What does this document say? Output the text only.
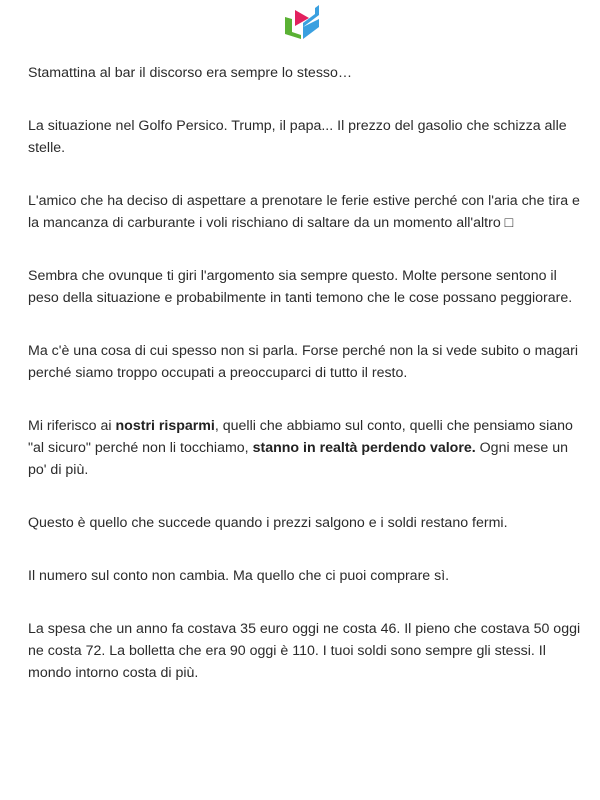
Stamattina al bar il discorso era sempre lo stesso…

La situazione nel Golfo Persico. Trump, il papa... Il prezzo del gasolio che schizza alle stelle.

L'amico che ha deciso di aspettare a prenotare le ferie estive perché con l'aria che tira e la mancanza di carburante i voli rischiano di saltare da un momento all'altro □

Sembra che ovunque ti giri l'argomento sia sempre questo. Molte persone sentono il peso della situazione e probabilmente in tanti temono che le cose possano peggiorare.

Ma c'è una cosa di cui spesso non si parla. Forse perché non la si vede subito o magari perché siamo troppo occupati a preoccuparci di tutto il resto.

Mi riferisco ai nostri risparmi, quelli che abbiamo sul conto, quelli che pensiamo siano "al sicuro" perché non li tocchiamo, stanno in realtà perdendo valore. Ogni mese un po' di più.

Questo è quello che succede quando i prezzi salgono e i soldi restano fermi.

Il numero sul conto non cambia. Ma quello che ci puoi comprare sì.

La spesa che un anno fa costava 35 euro oggi ne costa 46. Il pieno che costava 50 oggi ne costa 72. La bolletta che era 90 oggi è 110. I tuoi soldi sono sempre gli stessi. Il mondo intorno costa di più.
